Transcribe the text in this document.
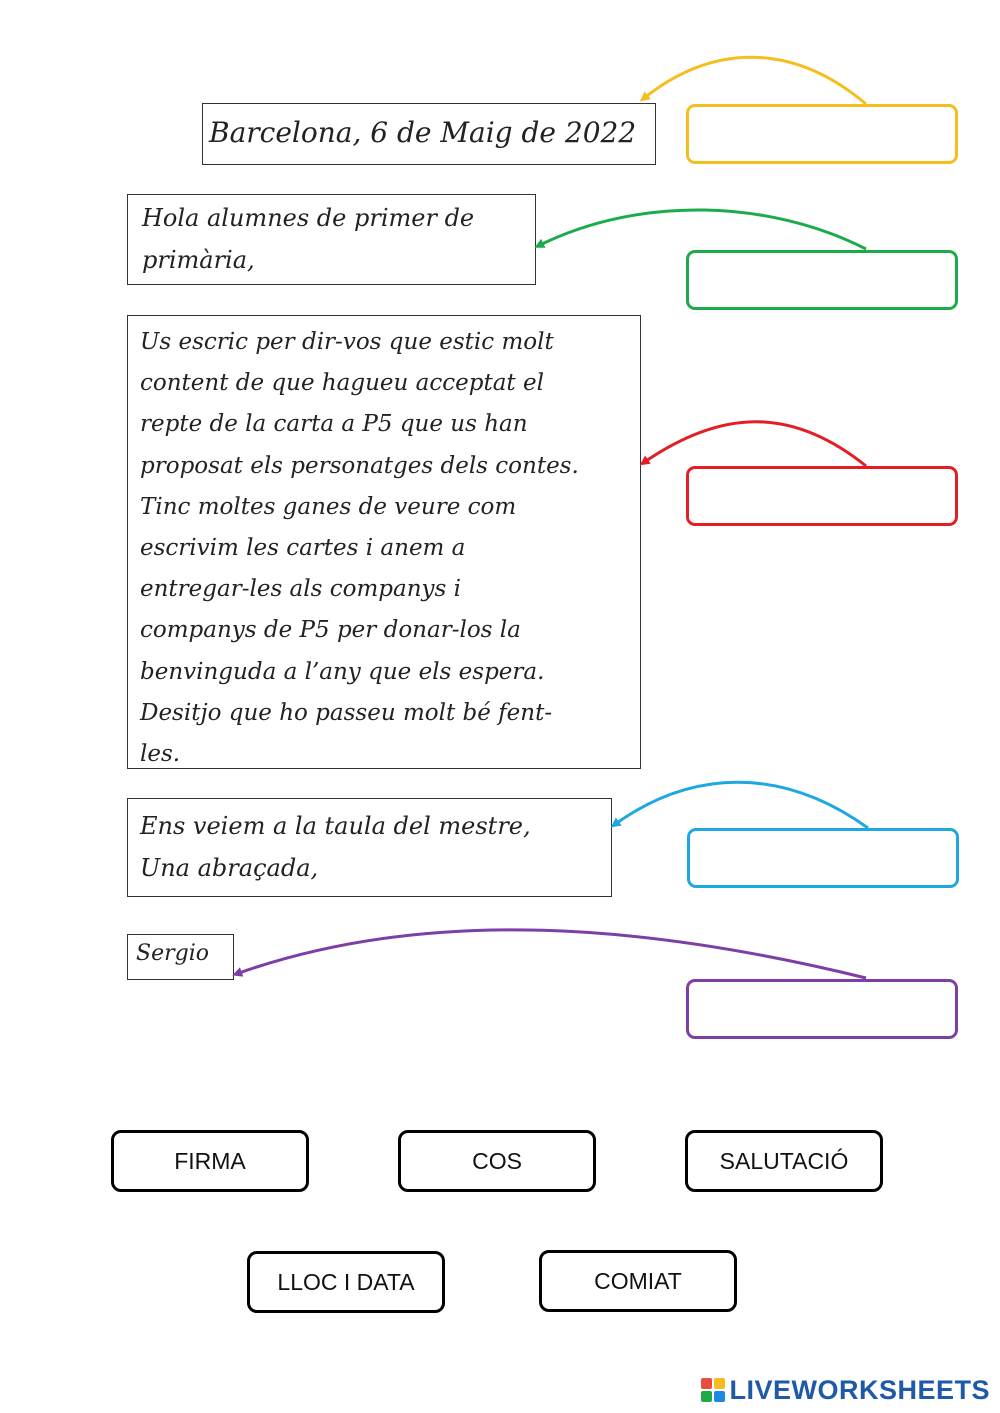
Barcelona, 6 de Maig de 2022
Hola alumnes de primer de
primària,
Us escric per dir-vos que estic molt
content de que hagueu acceptat el
repte de la carta a P5 que us han
proposat els personatges dels contes.
Tinc moltes ganes de veure com
escrivim les cartes i anem a
entregar-les als companys i
companys de P5 per donar-los la
benvinguda a l’any que els espera.
Desitjo que ho passeu molt bé fent-
les.
Ens veiem a la taula del mestre,
Una abraçada,
Sergio
FIRMA	COS	SALUTACIÓ
LLOC I DATA	COMIAT
LIVEWORKSHEETS
